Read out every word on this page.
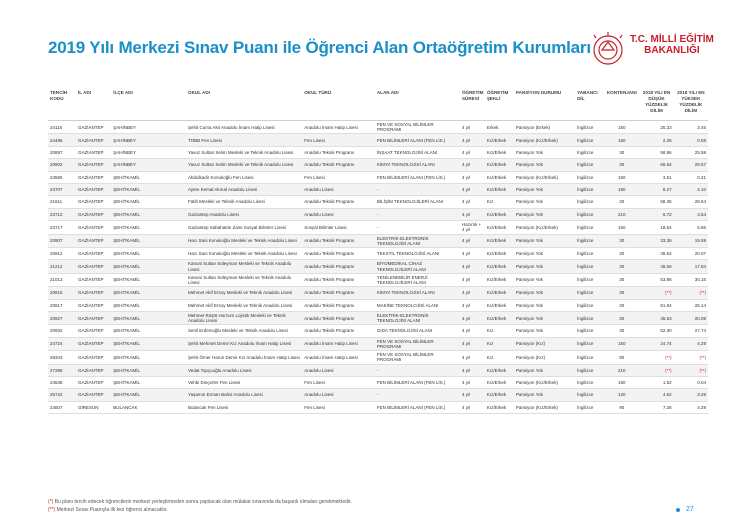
2019 Yılı Merkezi Sınav Puanı ile Öğrenci Alan Ortaöğretim Kurumları	T.C. MİLLİ EĞİTİM
BAKANLIĞI
TERCİH KODU	İL ADI	İLÇE ADI	OKUL ADI	OKUL TÜRÜ	ALAN ADI	ÖĞRETİM SÜRESİ	ÖĞRETİM ŞEKLİ	PANSİYON DURUMU	YABANCI DİL	KONTENJANI	2018 YILI EN DÜŞÜK YÜZDELİK DİLİM	2018 YILI EN YÜKSEK YÜZDELİK DİLİM
24115	GAZİANTEP	ŞAHİNBEY	Şehit Cuma Akıl Anadolu İmam Hatip Lisesi	Anadolu İmam Hatip Lisesi	FEN VE SOSYAL BİLİMLER PROGRAMI	4 yıl	Erkek	Pansiyon (Erkek)	İngilizce	150	25.33	3.45
24486	GAZİANTEP	ŞAHİNBEY	TOBB Fen Lisesi	Fen Lisesi	FEN BİLİMLERİ ALANI (FEN LİS.)	4 yıl	Kız/Erkek	Pansiyon (Kız/Erkek)	İngilizce	150	2.26	0.59
20897	GAZİANTEP	ŞAHİNBEY	Yavuz Sultan Selim Mesleki ve Teknik Anadolu Lisesi	Anadolu Teknik Programı	İNŞAAT TEKNOLOJİSİ ALANI	4 yıl	Kız/Erkek	Pansiyon Yok	İngilizce	30	58.86	25.59
20902	GAZİANTEP	ŞAHİNBEY	Yavuz Sultan Selim Mesleki ve Teknik Anadolu Lisesi	Anadolu Teknik Programı	KİMYA TEKNOLOJİSİ ALANI	4 yıl	Kız/Erkek	Pansiyon Yok	İngilizce	30	66.64	28.57
24565	GAZİANTEP	ŞEHİTKAMİL	Abdulkadir Konukoğlu Fen Lisesi	Fen Lisesi	FEN BİLİMLERİ ALANI (FEN LİS.)	4 yıl	Kız/Erkek	Pansiyon (Kız/Erkek)	İngilizce	150	3.51	0.21
23707	GAZİANTEP	ŞEHİTKAMİL	Ayten Kemal Akınal Anadolu Lisesi	Anadolu Lisesi	-	4 yıl	Kız/Erkek	Pansiyon Yok	İngilizce	180	8.27	4.10
21611	GAZİANTEP	ŞEHİTKAMİL	Fatih Mesleki ve Teknik Anadolu Lisesi	Anadolu Teknik Programı	BİLİŞİM TEKNOLOJİLERİ ALANI	4 yıl	Kız	Pansiyon Yok	İngilizce	30	58.35	28.54
23712	GAZİANTEP	ŞEHİTKAMİL	Gaziantep Anadolu Lisesi	Anadolu Lisesi	-	4 yıl	Kız/Erkek	Pansiyon Yok	İngilizce	210	6.72	3.54
23717	GAZİANTEP	ŞEHİTKAMİL	Gaziantep Sabahattin Zaim Sosyal Bilimler Lisesi	Sosyal Bilimler Lisesi	-	Hazırlık + 4 yıl	Kız/Erkek	Pansiyon (Kız/Erkek)	İngilizce	150	18.64	5.86
20907	GAZİANTEP	ŞEHİTKAMİL	Hacı Sani Konukoğlu Mesleki ve Teknik Anadolu Lisesi	Anadolu Teknik Programı	ELEKTRİK-ELEKTRONİK TEKNOLOJİSİ ALANI	4 yıl	Kız/Erkek	Pansiyon Yok	İngilizce	30	33.39	19.59
20912	GAZİANTEP	ŞEHİTKAMİL	Hacı Sani Konukoğlu Mesleki ve Teknik Anadolu Lisesi	Anadolu Teknik Programı	TEKSTİL TEKNOLOJİSİ ALANI	4 yıl	Kız/Erkek	Pansiyon Yok	İngilizce	30	45.52	20.07
21212	GAZİANTEP	ŞEHİTKAMİL	Kanuni Sultan Süleyman Mesleki ve Teknik Anadolu Lisesi	Anadolu Teknik Programı	BİYOMEDİKAL CİHAZ TEKNOLOJİLERİ ALANI	4 yıl	Kız/Erkek	Pansiyon Yok	İngilizce	30	45.06	17.84
21013	GAZİANTEP	ŞEHİTKAMİL	Kanuni Sultan Süleyman Mesleki ve Teknik Anadolu Lisesi	Anadolu Teknik Programı	YENİLENEBİLİR ENERJİ TEKNOLOJİLERİ ALANI	4 yıl	Kız/Erkek	Pansiyon Yok	İngilizce	30	53.86	30.16
20815	GAZİANTEP	ŞEHİTKAMİL	Mehmet Akif Ersoy Mesleki ve Teknik Anadolu Lisesi	Anadolu Teknik Programı	KİMYA TEKNOLOJİSİ ALANI	4 yıl	Kız/Erkek	Pansiyon Yok	İngilizce	30	(**)	(**)
20817	GAZİANTEP	ŞEHİTKAMİL	Mehmet Akif Ersoy Mesleki ve Teknik Anadolu Lisesi	Anadolu Teknik Programı	MAKİNE TEKNOLOJİSİ ALANI	4 yıl	Kız/Erkek	Pansiyon Yok	İngilizce	30	81.84	25.14
20927	GAZİANTEP	ŞEHİTKAMİL	Mehmet Rüştü Horzum Lojistik Mesleki ve Teknik Anadolu Lisesi	Anadolu Teknik Programı	ELEKTRİK-ELEKTRONİK TEKNOLOJİSİ ALANI	4 yıl	Kız/Erkek	Pansiyon Yok	İngilizce	30	45.53	20.08
20932	GAZİANTEP	ŞEHİTKAMİL	Senil Erdemoğlu Mesleki ve Teknik Anadolu Lisesi	Anadolu Teknik Programı	GIDA TEKNOLOJİSİ ALANI	4 yıl	Kız	Pansiyon Yok	İngilizce	30	52.30	27.74
24724	GAZİANTEP	ŞEHİTKAMİL	Şehit Mehmet Demir Kız Anadolu İmam Hatip Lisesi	Anadolu İmam Hatip Lisesi	FEN VE SOSYAL BİLİMLER PROGRAMI	4 yıl	Kız	Pansiyon (Kız)	İngilizce	150	24.74	4.29
28343	GAZİANTEP	ŞEHİTKAMİL	Şehit Ömer Harun Demir Kız Anadolu İmam Hatip Lisesi	Anadolu İmam Hatip Lisesi	FEN VE SOSYAL BİLİMLER PROGRAMI	4 yıl	Kız	Pansiyon (Kız)	İngilizce	90	(**)	(**)
27288	GAZİANTEP	ŞEHİTKAMİL	Vedat Topçuoğlu Anadolu Lisesi	Anadolu Lisesi	-	4 yıl	Kız/Erkek	Pansiyon Yok	İngilizce	210	(**)	(**)
24538	GAZİANTEP	ŞEHİTKAMİL	Vehbi Dinçerler Fen Lisesi	Fen Lisesi	FEN BİLİMLERİ ALANI (FEN LİS.)	4 yıl	Kız/Erkek	Pansiyon (Kız/Erkek)	İngilizce	150	1.52	0.04
25722	GAZİANTEP	ŞEHİTKAMİL	Yaşamın Erman Bahsi Anadolu Lisesi	Anadolu Lisesi	-	4 yıl	Kız/Erkek	Pansiyon Yok	İngilizce	120	4.62	3.29
24607	GİRESUN	BULANCAK	Bulancak Fen Lisesi	Fen Lisesi	FEN BİLİMLERİ ALANI (FEN LİS.)	4 yıl	Kız/Erkek	Pansiyon (Kız/Erkek)	İngilizce	90	7.26	4.29
(*) Bu planı tercih edecek öğrencilerin merkezi yerleştirmeden sonra yapılacak olan mülakat sınavında da başarılı olmaları gerekmektedir.
(**) Merkezi Sınav Puanıyla ilk kez öğrenci alınacaktır.	27
